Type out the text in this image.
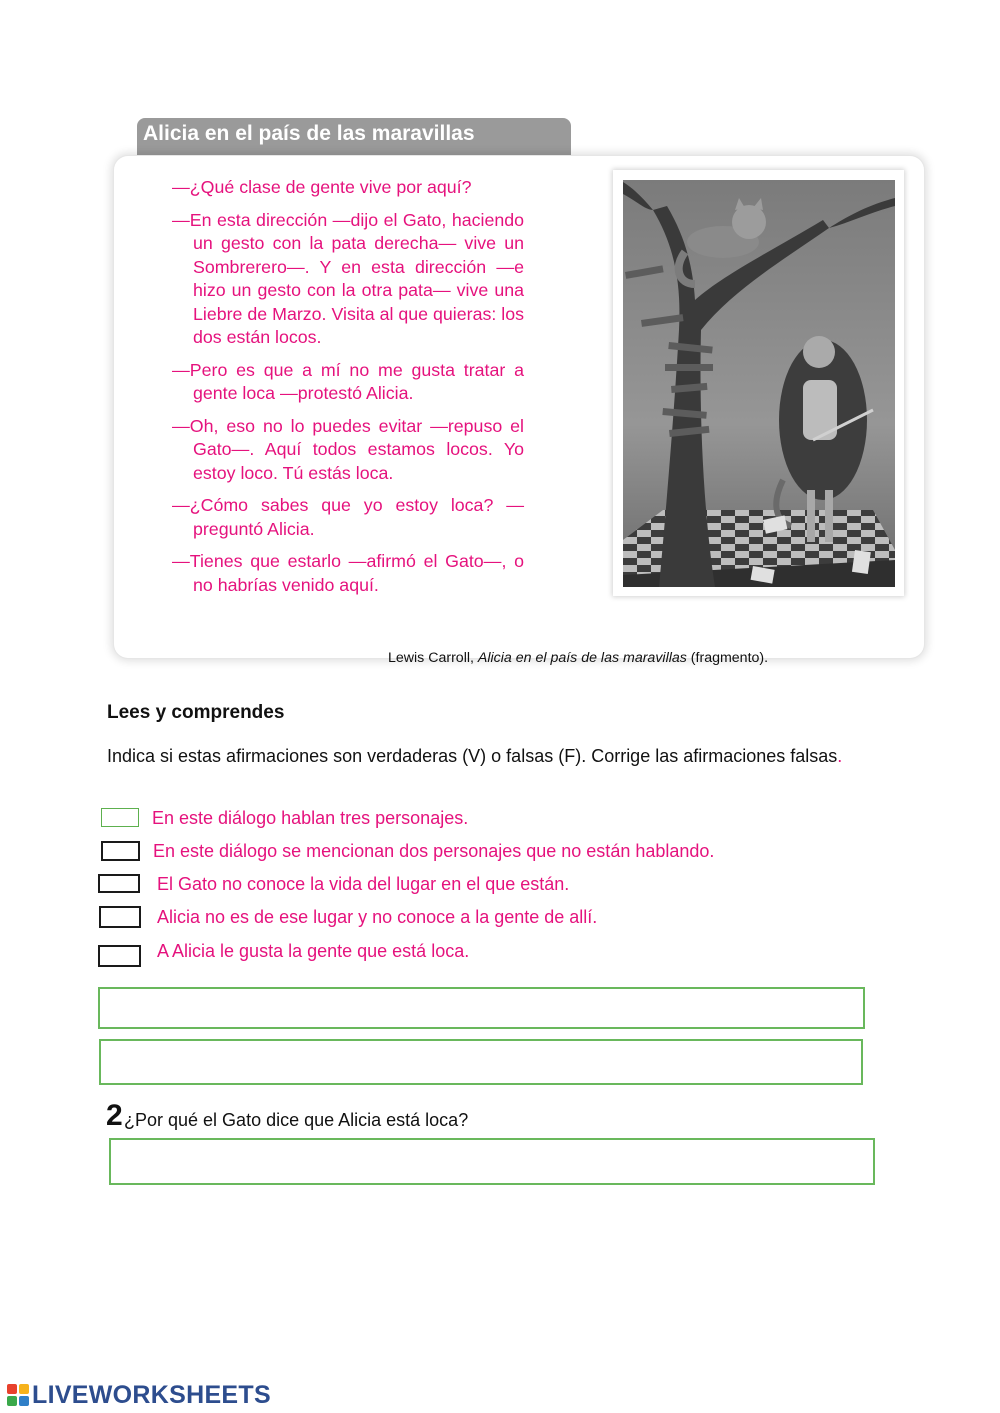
Alicia en el país de las maravillas

—¿Qué clase de gente vive por aquí?

—En esta dirección —dijo el Gato, haciendo un gesto con la pata derecha— vive un Sombrerero—. Y en esta dirección —e hizo un gesto con la otra pata— vive una Liebre de Marzo. Visita al que quieras: los dos están locos.

—Pero es que a mí no me gusta tratar a gente loca —protestó Alicia.

—Oh, eso no lo puedes evitar —repuso el Gato—. Aquí todos estamos locos. Yo estoy loco. Tú estás loca.

—¿Cómo sabes que yo estoy loca? —preguntó Alicia.

—Tienes que estarlo —afirmó el Gato—, o no habrías venido aquí.

Lewis Carroll, Alicia en el país de las maravillas (fragmento).
Lees y comprendes
Indica si estas afirmaciones son verdaderas (V) o falsas (F). Corrige las afirmaciones falsas.
En este diálogo hablan tres personajes.
En este diálogo se mencionan dos personajes que no están hablando.
El Gato no conoce la vida del lugar en el que están.
Alicia no es de ese lugar y no conoce a la gente de allí.
A Alicia le gusta la gente que está loca.
2 ¿Por qué el Gato dice que Alicia está loca?
LIVEWORKSHEETS
